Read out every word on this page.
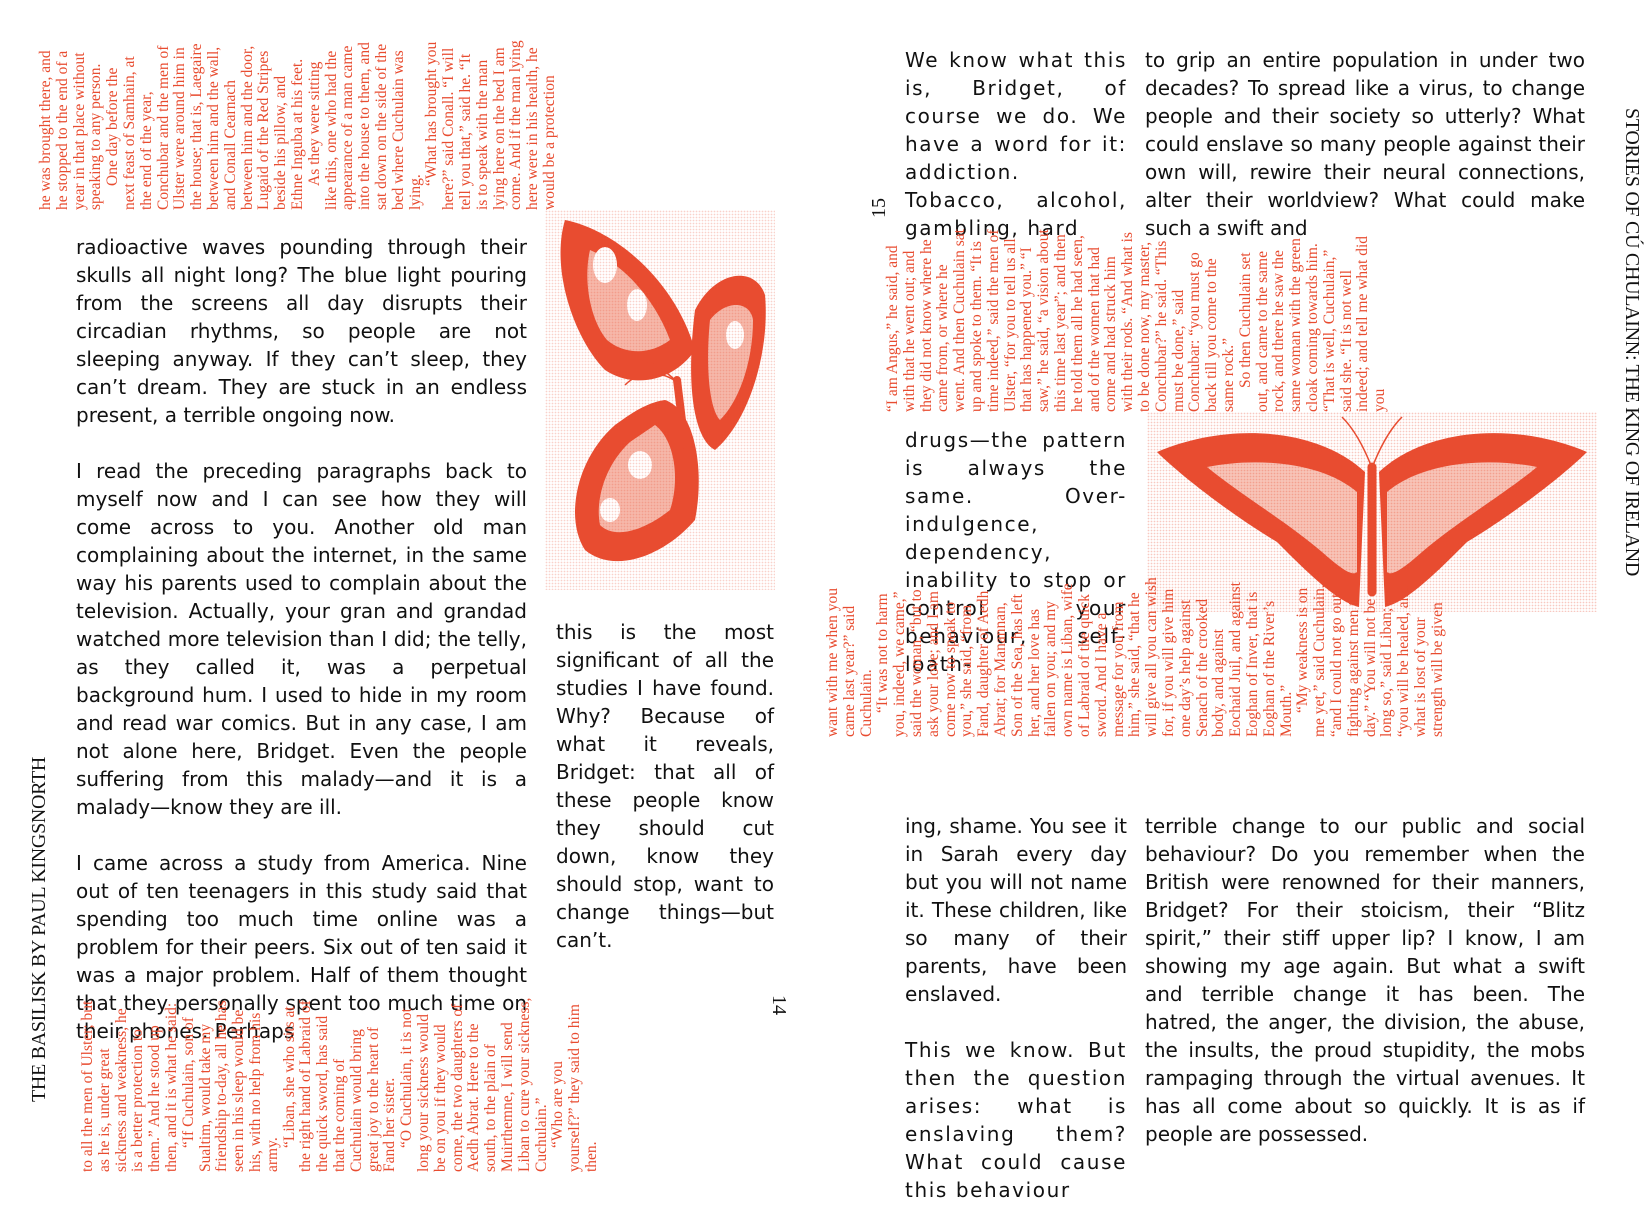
he was brought there, and he stopped to the end of a year in that place without speaking to any person. One day before the next feast of Samhain, at the end of the year, Conchubar and the men of Ulster were around him in the house; that is, Laegaire between him and the wall, and Conall Cearnach between him and the door, Lugaid of the Red Stripes beside his pillow, and Ethne Inguba at his feet. As they were sitting like this, one who had the appearance of a man came into the house to them, and sat down on the side of the bed where Cuchulain was lying.

“What has brought you here?” said Conall. “I will tell you that,” said he. “It is to speak with the man lying here on the bed I am come. And if the man lying here were in his health, he would be a protection

radioactive waves pounding through their skulls all night long? The blue light pouring from the screens all day disrupts their circadian rhythms, so people are not sleeping anyway. If they can’t sleep, they can’t dream. They are stuck in an endless present, a terrible ongoing now.

I read the preceding paragraphs back to myself now and I can see how they will come across to you. Another old man complaining about the internet, in the same way his parents used to complain about the television. Actually, your gran and grandad watched more television than I did; the telly, as they called it, was a perpetual background hum. I used to hide in my room and read war comics. But in any case, I am not alone here, Bridget. Even the people suffering from this malady—and it is a malady—know they are ill.

I came across a study from America. Nine out of ten teenagers in this study said that spending too much time online was a problem for their peers. Six out of ten said it was a major problem. Half of them thought that they personally spent too much time on their phones. Perhaps

this is the most significant of all the studies I have found. Why? Because of what it reveals, Bridget: that all of these people know they should cut down, know they should stop, want to change things—but can’t.
THE BASILISK BY PAUL KINGSNORTH to all the men of Ulster; but as he is, under great sickness and weakness, he is a better protection to them.” And he stood up then, and it is what he said: “If Cuchulain, son of Sualtim, would take my friendship to-day, all he has seen in his sleep would be his, with no help from his army.

“Liban, she who sits at the right hand of Labraid of the quick sword, has said that the coming of Cuchulain would bring great joy to the heart of Fand her sister. “O Cuchulain, it is not long your sickness would be on you if they would come, the two daughters of Aedh Abrat. Here to the south, to the plain of Muirthemne, I will send Liban to cure your sickness, Cuchulain.” “Who are you yourself?” they said to him then.

14
15
We know what this is, Bridget, of course we do. We have a word for it: addiction. Tobacco, alcohol, gambling, hard
to grip an entire population in under two decades? To spread like a virus, to change people and their society so utterly? What could enslave so many people against their own will, rewire their neural connections, alter their worldview? What could make such a swift and	STORIES OF CÚ CHULAINN: THE KING OF IRELAND

“I am Angus,” he said, and with that he went out; and they did not know where he came from, or where he went. And then Cuchulain sat up and spoke to them. “It is time indeed,” said the men of Ulster, “for you to tell us all that has happened you.” “I saw,” he said, “a vision about this time last year”; and then he told them all he had seen, and of the women that had come and had struck him with their rods. “And what is to be done now, my master, Conchubar?” he said. “This must be done,” said Conchubar: “you must go back till you come to the same rock.” So then Cuchulain set out, and came to the same rock, and there he saw the same woman with the green cloak coming towards him. “That is well, Cuchulain,” said she. “It is not well indeed; and tell me what did you

drugs—the pattern is always the same. Over-indulgence, dependency, inability to stop or control your behaviour, self-loath-

want with me when you came last year?” said Cuchulain. “It was not to harm you, indeed, we came,” said the woman, “but to ask your love; and I am come now to speak to you,” she said, “from Fand, daughter of Aedh Abrat; for Manannan, Son of the Sea, has left her, and her love has fallen on you; and my own name is Liban, wife of Labraid of the quick sword. And I have a message for you from him,” she said, “that he will give all you can wish for, if you will give him one day’s help against Senach of the crooked body, and against Eochaid Juil, and against Eoghan of Inver, that is Eoghan of the River’s Mouth.” “My weakness is on me yet,” said Cuchulain, “and I could not go out fighting against men to-day.” “You will not be long so,” said Liban; “you will be healed, and what is lost of your strength will be given

ing, shame. You see it in Sarah every day but you will not name it. These children, like so many of their parents, have been enslaved.

This we know. But then the question arises: what is enslaving them? What could cause this behaviour

terrible change to our public and social behaviour? Do you remember when the British were renowned for their manners, Bridget? For their stoicism, their “Blitz spirit,” their stiff upper lip? I know, I am showing my age again. But what a swift and terrible change it has been. The hatred, the anger, the division, the abuse, the insults, the proud stupidity, the mobs rampaging through the virtual avenues. It has all come about so quickly. It is as if people are possessed.
